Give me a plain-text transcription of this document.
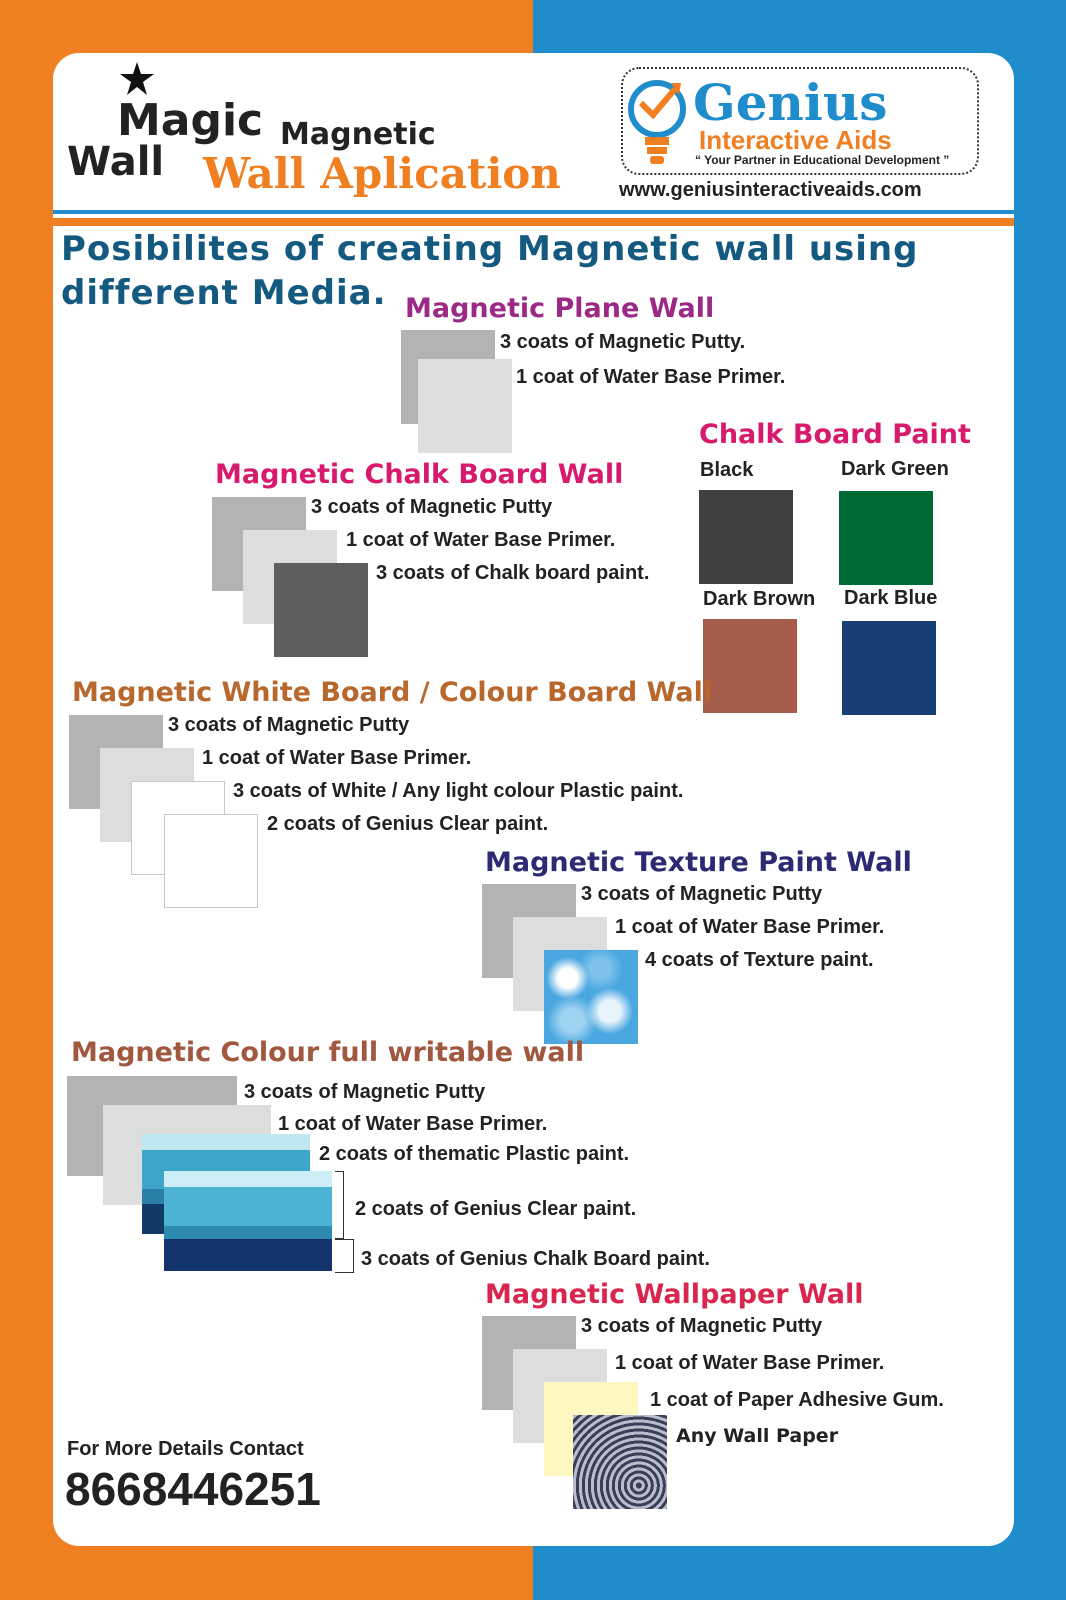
Magic
Wall
Magnetic
Wall Aplication
Genius
Interactive Aids
“ Your Partner in Educational Development ”
www.geniusinteractiveaids.com
Posibilites of creating Magnetic wall using
different Media. Magnetic Plane Wall
3 coats of Magnetic Putty.
1 coat of Water Base Primer.
Chalk Board Paint
Black	Dark Green
Dark Brown Dark Blue
Magnetic Chalk Board Wall
3 coats of Magnetic Putty
1 coat of Water Base Primer.
3 coats of Chalk board paint.
Magnetic White Board / Colour Board Wall
3 coats of Magnetic Putty
1 coat of Water Base Primer.
3 coats of White / Any light colour Plastic paint.
2 coats of Genius Clear paint.
Magnetic Texture Paint Wall
3 coats of Magnetic Putty
1 coat of Water Base Primer.
4 coats of Texture paint.
Magnetic Colour full writable wall
3 coats of Magnetic Putty
1 coat of Water Base Primer.
2 coats of thematic Plastic paint.
2 coats of Genius Clear paint.
3 coats of Genius Chalk Board paint.
Magnetic Wallpaper Wall
3 coats of Magnetic Putty
1 coat of Water Base Primer.
1 coat of Paper Adhesive Gum.
Any Wall Paper
For More Details Contact
8668446251
